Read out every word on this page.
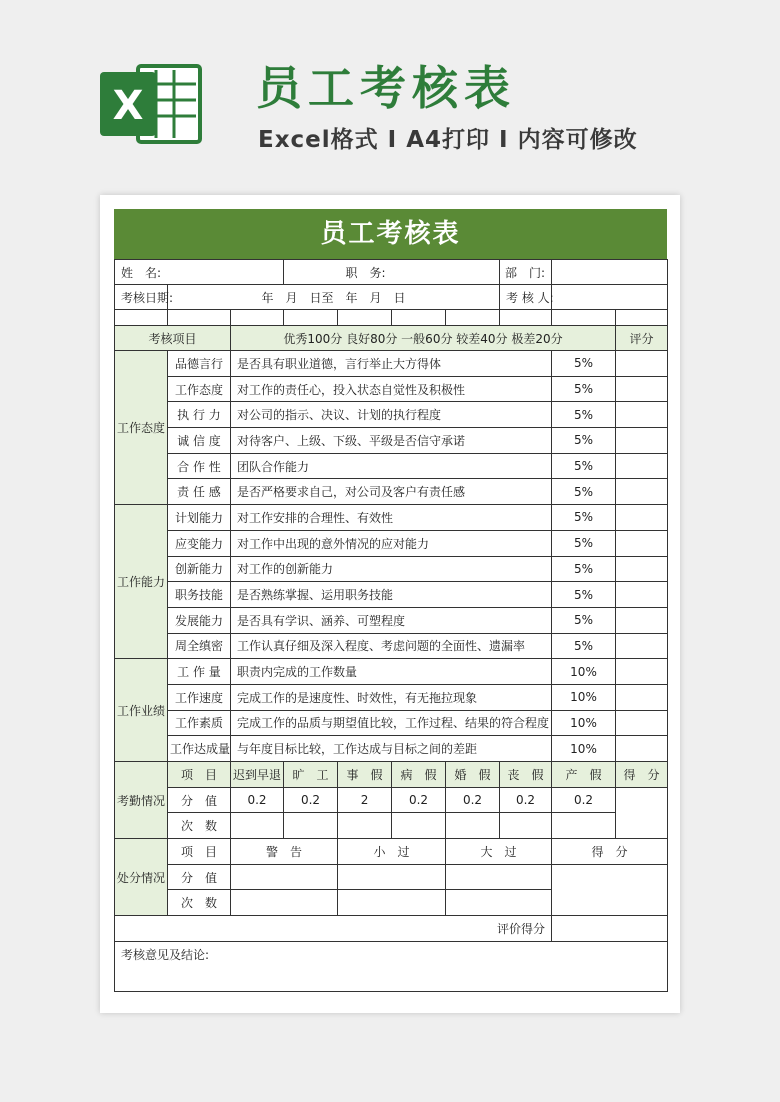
X 员工考核表

Excel格式 I A4打印 I 内容可修改

员工考核表
姓　名:			职　务:				部　门:		
考核日期:	年　月　日至　年　月　日						考 核 人:		

考核项目		优秀100分 良好80分 一般60分 较差40分 极差20分							评分
工作态度	品德言行	是否具有职业道德，言行举止大方得体						5%	
	工作态度	对工作的责任心，投入状态自觉性及积极性						5%	
	执 行 力	对公司的指示、决议、计划的执行程度						5%	
	诚 信 度	对待客户、上级、下级、平级是否信守承诺						5%	
	合 作 性	团队合作能力						5%	
	责 任 感	是否严格要求自己，对公司及客户有责任感						5%	
工作能力	计划能力	对工作安排的合理性、有效性						5%	
	应变能力	对工作中出现的意外情况的应对能力						5%	
	创新能力	对工作的创新能力						5%	
	职务技能	是否熟练掌握、运用职务技能						5%	
	发展能力	是否具有学识、涵养、可塑程度						5%	
	周全缜密	工作认真仔细及深入程度、考虑问题的全面性、遗漏率						5%	
工作业绩	工 作 量	职责内完成的工作数量						10%	
	工作速度	完成工作的是速度性、时效性，有无拖拉现象						10%	
	工作素质	完成工作的品质与期望值比较，工作过程、结果的符合程度						10%	
	工作达成量	与年度目标比较，工作达成与目标之间的差距						10%	
考勤情况	项　目	迟到早退	旷　工	事　假	病　假	婚　假	丧　假	产　假	得　分
	分　值	0.2	0.2	2	0.2	0.2	0.2	0.2	
	次　数								
处分情况	项　目	警　告		小　过		大　过		得　分	
	分　值								
	次　数								
评价得分									
考核意见及结论:									
